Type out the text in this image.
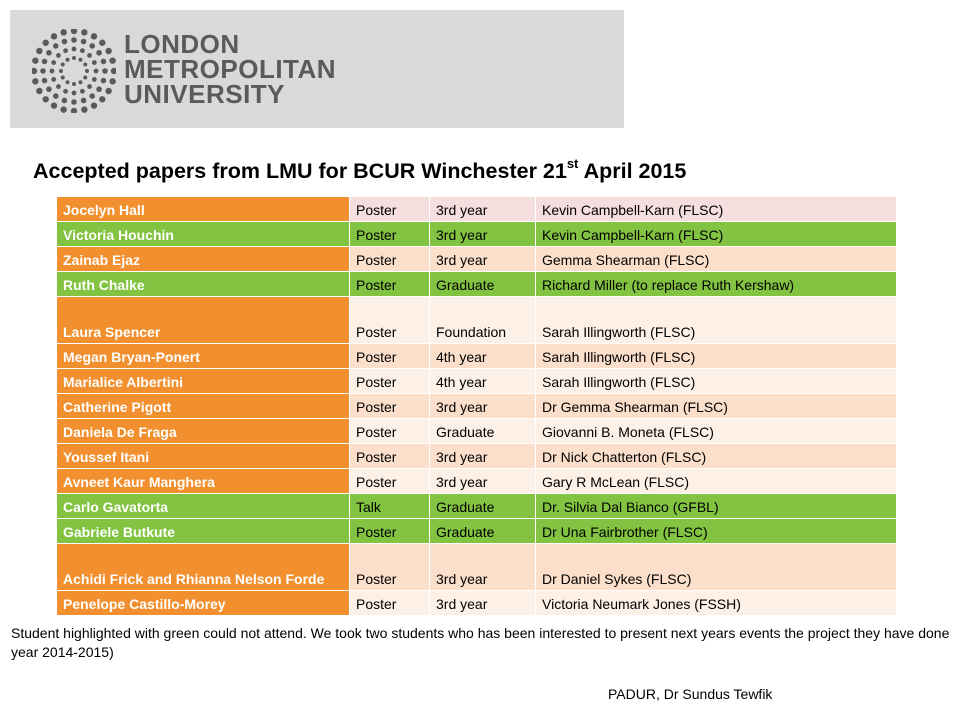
LONDON
METROPOLITAN
UNIVERSITY
Accepted papers from LMU for BCUR Winchester 21st April 2015
Jocelyn Hall	Poster	3rd year	Kevin Campbell-Karn (FLSC)
Victoria Houchin	Poster	3rd year	Kevin Campbell-Karn (FLSC)
Zainab Ejaz	Poster	3rd year	Gemma Shearman (FLSC)
Ruth Chalke	Poster	Graduate	Richard Miller (to replace Ruth Kershaw)
Laura Spencer	Poster	Foundation	Sarah Illingworth (FLSC)
Megan Bryan-Ponert	Poster	4th year	Sarah Illingworth (FLSC)
Marialice Albertini	Poster	4th year	Sarah Illingworth (FLSC)
Catherine Pigott	Poster	3rd year	Dr Gemma Shearman (FLSC)
Daniela De Fraga	Poster	Graduate	Giovanni B. Moneta (FLSC)
Youssef Itani	Poster	3rd year	Dr Nick Chatterton (FLSC)
Avneet Kaur Manghera	Poster	3rd year	Gary R McLean (FLSC)
Carlo Gavatorta	Talk	Graduate	Dr. Silvia Dal Bianco (GFBL)
Gabriele Butkute	Poster	Graduate	Dr Una Fairbrother (FLSC)
Achidi Frick and Rhianna Nelson Forde	Poster	3rd year	Dr Daniel Sykes (FLSC)
Penelope Castillo-Morey	Poster	3rd year	Victoria Neumark Jones (FSSH)
Student highlighted with green could not attend. We took two students who has been interested to present next years events the project they have done year 2014-2015)
PADUR, Dr Sundus Tewfik
